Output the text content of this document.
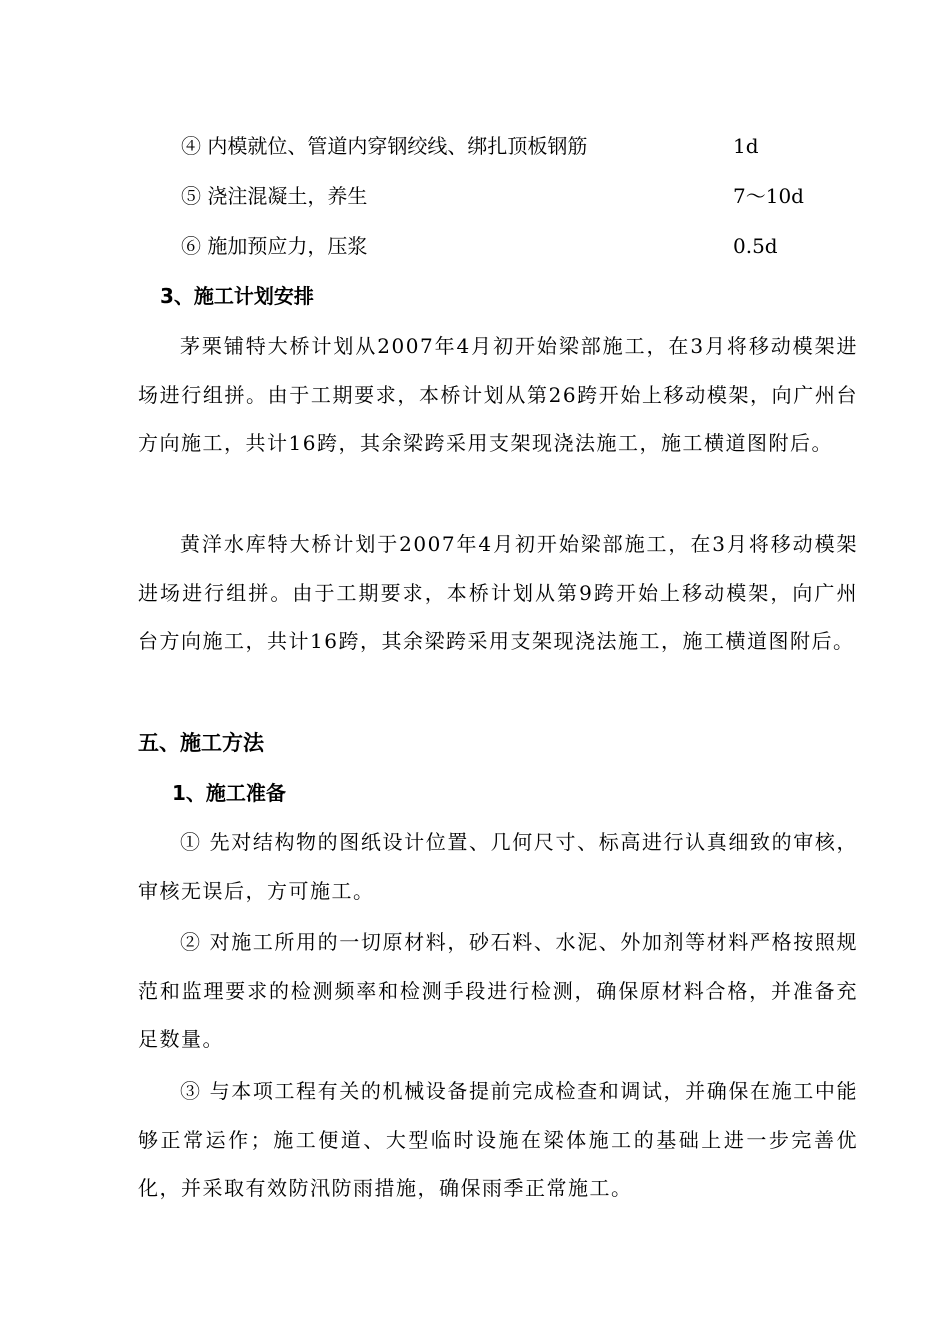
④ 内模就位、管道内穿钢绞线、绑扎顶板钢筋	1d
⑤ 浇注混凝土，养生	7～10d
⑥ 施加预应力，压浆	0.5d
3、施工计划安排
茅栗铺特大桥计划从2007年4月初开始梁部施工，在3月将移动模架进场进行组拼。由于工期要求，本桥计划从第26跨开始上移动模架，向广州台方向施工，共计16跨，其余梁跨采用支架现浇法施工，施工横道图附后。
黄洋水库特大桥计划于2007年4月初开始梁部施工，在3月将移动模架进场进行组拼。由于工期要求，本桥计划从第9跨开始上移动模架，向广州台方向施工，共计16跨，其余梁跨采用支架现浇法施工，施工横道图附后。
五、施工方法
1、施工准备
① 先对结构物的图纸设计位置、几何尺寸、标高进行认真细致的审核，审核无误后，方可施工。
② 对施工所用的一切原材料，砂石料、水泥、外加剂等材料严格按照规范和监理要求的检测频率和检测手段进行检测，确保原材料合格，并准备充足数量。
③ 与本项工程有关的机械设备提前完成检查和调试，并确保在施工中能够正常运作；施工便道、大型临时设施在梁体施工的基础上进一步完善优化，并采取有效防汛防雨措施，确保雨季正常施工。
